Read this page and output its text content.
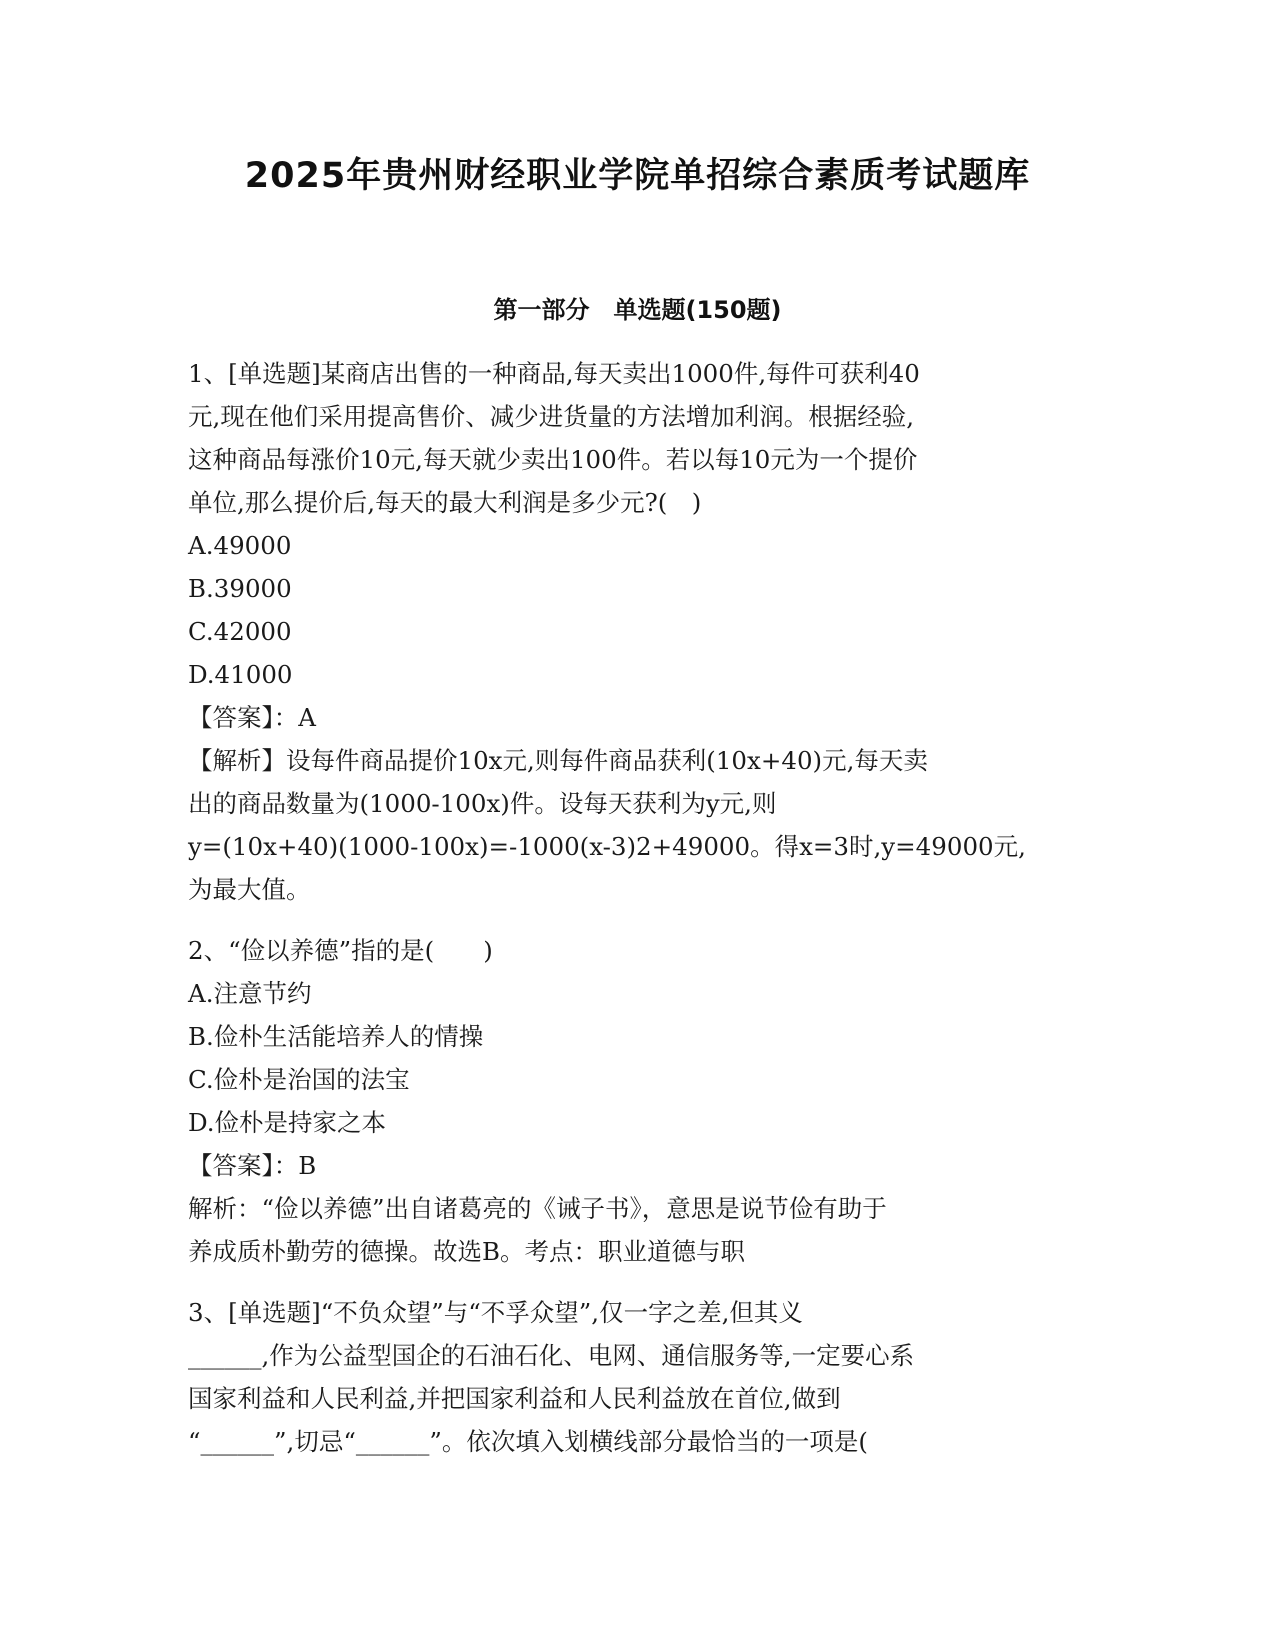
2025年贵州财经职业学院单招综合素质考试题库
第一部分　单选题(150题)
1、[单选题]某商店出售的一种商品,每天卖出1000件,每件可获利40
元,现在他们采用提高售价、减少进货量的方法增加利润。根据经验,
这种商品每涨价10元,每天就少卖出100件。若以每10元为一个提价
单位,那么提价后,每天的最大利润是多少元?(　)
A.49000
B.39000
C.42000
D.41000
【答案】：A
【解析】设每件商品提价10x元,则每件商品获利(10x+40)元,每天卖
出的商品数量为(1000-100x)件。设每天获利为y元,则
y=(10x+40)(1000-100x)=-1000(x-3)2+49000。得x=3时,y=49000元,
为最大值。
2、“俭以养德”指的是(　　)
A.注意节约
B.俭朴生活能培养人的情操
C.俭朴是治国的法宝
D.俭朴是持家之本
【答案】：B
解析：“俭以养德”出自诸葛亮的《诫子书》，意思是说节俭有助于
养成质朴勤劳的德操。故选B。考点：职业道德与职
3、[单选题]“不负众望”与“不孚众望”,仅一字之差,但其义
______,作为公益型国企的石油石化、电网、通信服务等,一定要心系
国家利益和人民利益,并把国家利益和人民利益放在首位,做到
“______”,切忌“______”。依次填入划横线部分最恰当的一项是(
